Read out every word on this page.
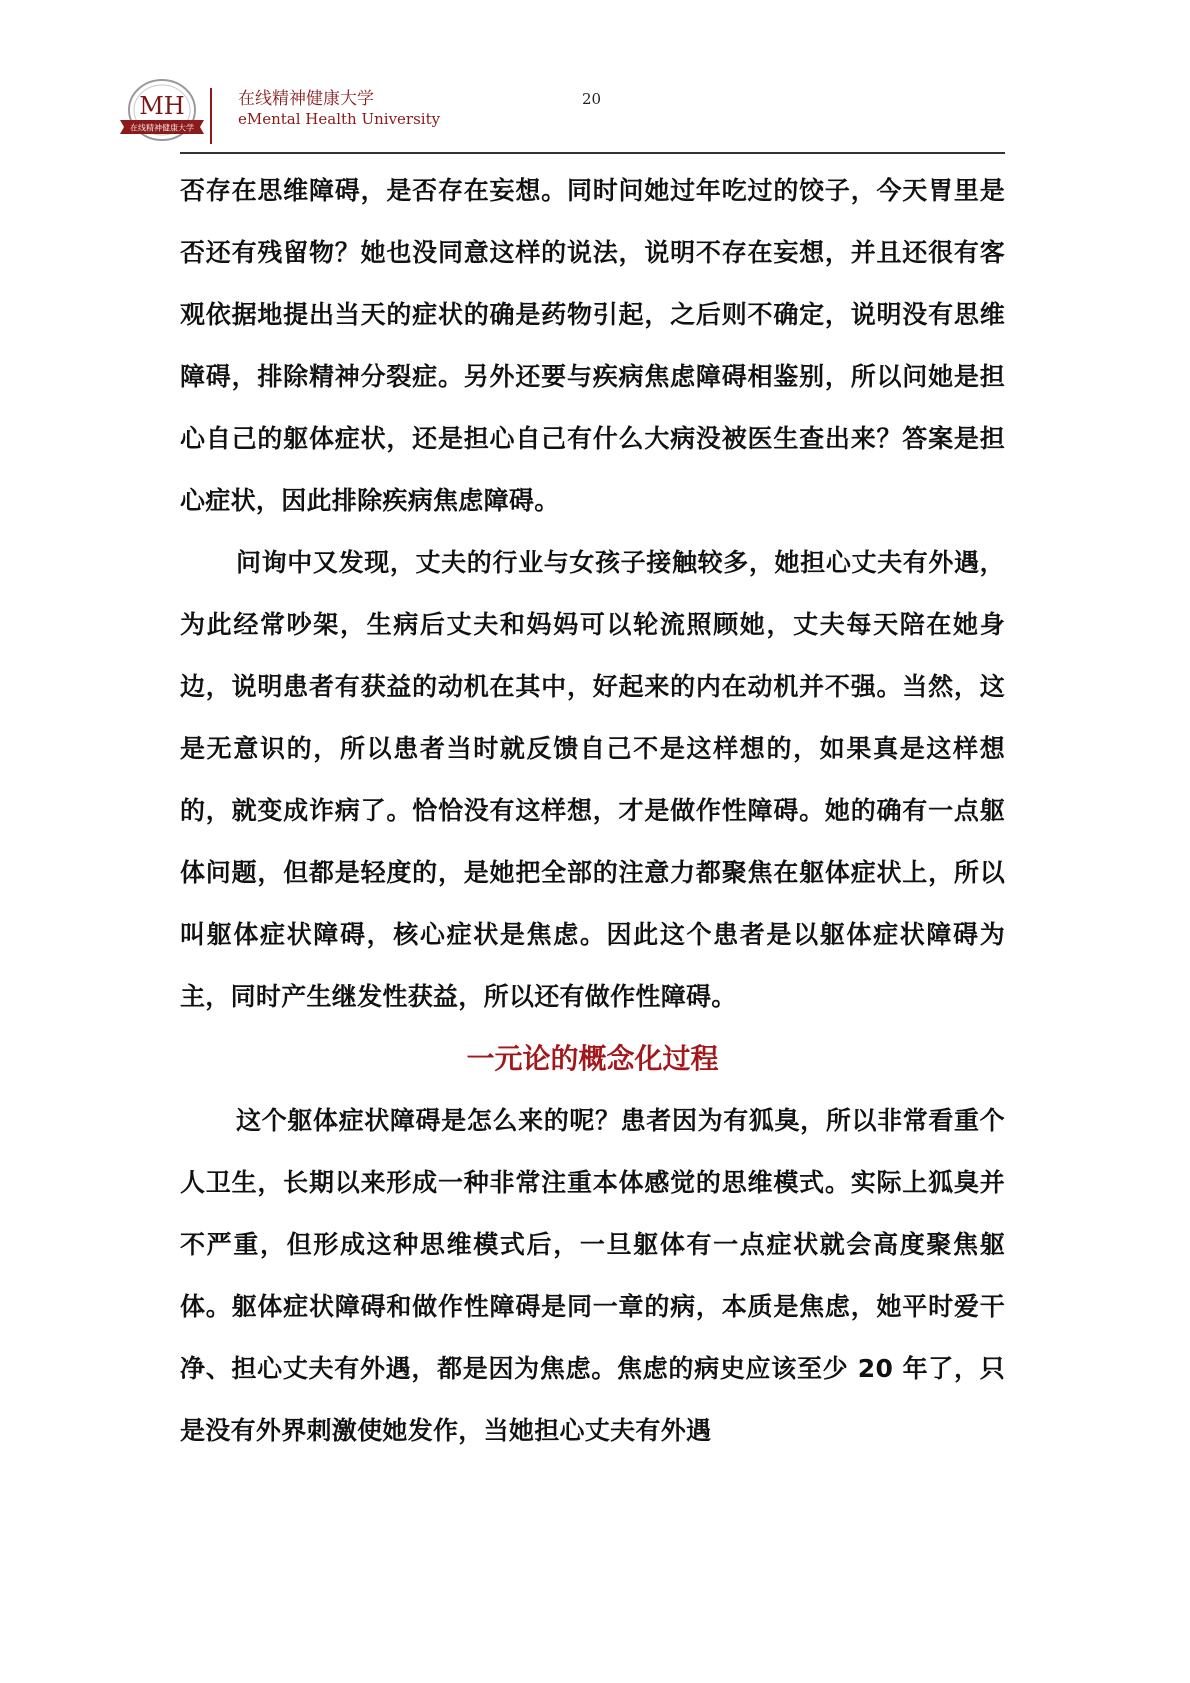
MH
在线精神健康大学
在线精神健康大学
eMental Health University
20

否存在思维障碍，是否存在妄想。同时问她过年吃过的饺子，今天胃里是否还有残留物？她也没同意这样的说法，说明不存在妄想，并且还很有客观依据地提出当天的症状的确是药物引起，之后则不确定，说明没有思维障碍，排除精神分裂症。另外还要与疾病焦虑障碍相鉴别，所以问她是担心自己的躯体症状，还是担心自己有什么大病没被医生查出来？答案是担心症状，因此排除疾病焦虑障碍。

问询中又发现，丈夫的行业与女孩子接触较多，她担心丈夫有外遇，为此经常吵架，生病后丈夫和妈妈可以轮流照顾她，丈夫每天陪在她身边，说明患者有获益的动机在其中，好起来的内在动机并不强。当然，这是无意识的，所以患者当时就反馈自己不是这样想的，如果真是这样想的，就变成诈病了。恰恰没有这样想，才是做作性障碍。她的确有一点躯体问题，但都是轻度的，是她把全部的注意力都聚焦在躯体症状上，所以叫躯体症状障碍，核心症状是焦虑。因此这个患者是以躯体症状障碍为主，同时产生继发性获益，所以还有做作性障碍。

一元论的概念化过程

这个躯体症状障碍是怎么来的呢？患者因为有狐臭，所以非常看重个人卫生，长期以来形成一种非常注重本体感觉的思维模式。实际上狐臭并不严重，但形成这种思维模式后，一旦躯体有一点症状就会高度聚焦躯体。躯体症状障碍和做作性障碍是同一章的病，本质是焦虑，她平时爱干净、担心丈夫有外遇，都是因为焦虑。焦虑的病史应该至少 20 年了，只是没有外界刺激使她发作，当她担心丈夫有外遇
